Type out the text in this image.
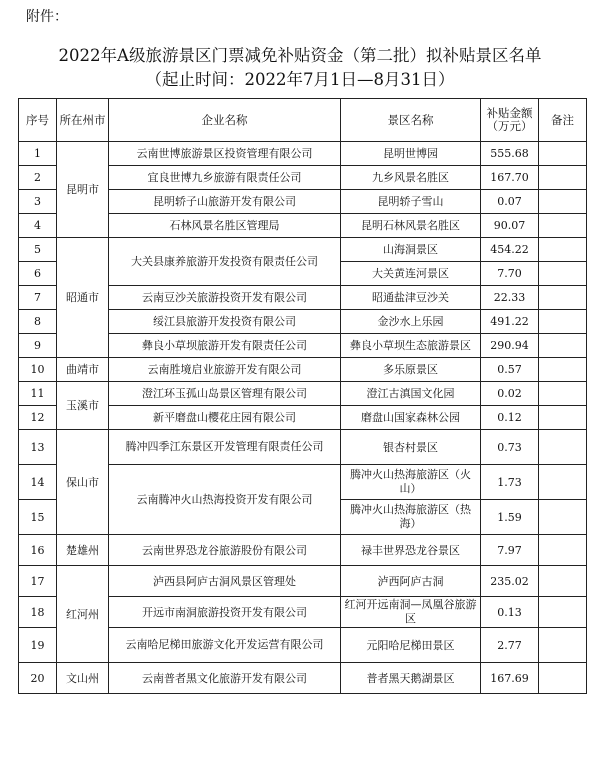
附件：
2022年A级旅游景区门票减免补贴资金（第二批）拟补贴景区名单
（起止时间：2022年7月1日—8月31日）
序号	所在州市	企业名称	景区名称	补贴金额（万元）	备注
1	昆明市	云南世博旅游景区投资管理有限公司	昆明世博园	555.68	
2		宜良世博九乡旅游有限责任公司	九乡风景名胜区	167.70	
3		昆明轿子山旅游开发有限公司	昆明轿子雪山	0.07	
4		石林风景名胜区管理局	昆明石林风景名胜区	90.07	
5	昭通市	大关县康养旅游开发投资有限责任公司	山海洞景区	454.22	
6			大关黄连河景区	7.70	
7		云南豆沙关旅游投资开发有限公司	昭通盐津豆沙关	22.33	
8		绥江县旅游开发投资有限公司	金沙水上乐园	491.22	
9		彝良小草坝旅游开发有限责任公司	彝良小草坝生态旅游景区	290.94	
10	曲靖市	云南胜境启业旅游开发有限公司	多乐原景区	0.57	
11	玉溪市	澄江环玉孤山岛景区管理有限公司	澄江古滇国文化园	0.02	
12		新平磨盘山樱花庄园有限公司	磨盘山国家森林公园	0.12	
13	保山市	腾冲四季江东景区开发管理有限责任公司	银杏村景区	0.73	
14		云南腾冲火山热海投资开发有限公司	腾冲火山热海旅游区（火山）	1.73	
15			腾冲火山热海旅游区（热海）	1.59	
16	楚雄州	云南世界恐龙谷旅游股份有限公司	禄丰世界恐龙谷景区	7.97	
17	红河州	泸西县阿庐古洞风景区管理处	泸西阿庐古洞	235.02	
18		开远市南洞旅游投资开发有限公司	红河开远南洞—凤凰谷旅游区	0.13	
19		云南哈尼梯田旅游文化开发运营有限公司	元阳哈尼梯田景区	2.77	
20	文山州	云南普者黑文化旅游开发有限公司	普者黑天鹅湖景区	167.69	
